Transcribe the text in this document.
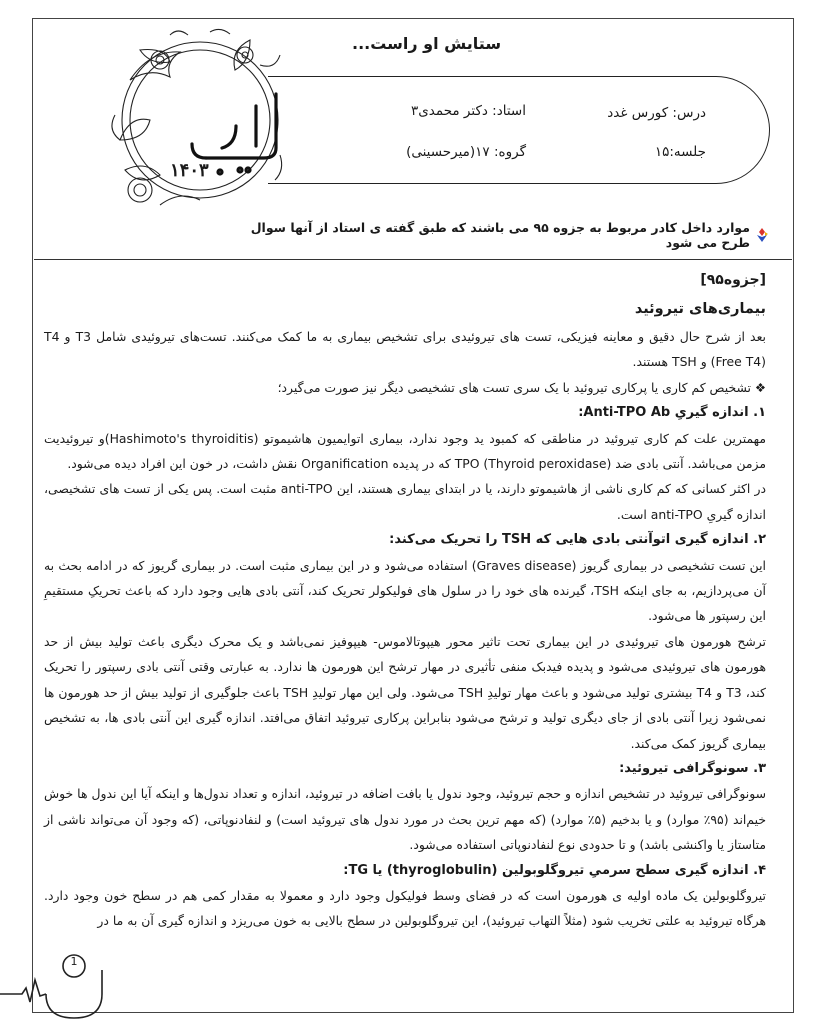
۱۴۰۳
ستایش او راست...
درس: کورس غدد
استاد: دکتر محمدی۳
جلسه:۱۵
گروه: ۱۷(میرحسینی)
موارد داخل کادر مربوط به جزوه ۹۵ می باشند که طبق گفته ی استاد از آنها سوال طرح می شود

[جزوه۹۵]

بیماری‌های تیروئید

بعد از شرح حال دقیق و معاینه فیزیکی، تست های تیروئیدی برای تشخیص بیماری به ما کمک می‌کنند. تست‌های تیروئیدی شامل T3 و T4 (Free T4) و TSH هستند.

❖ تشخیص کم کاری یا پرکاری تیروئید با یک سری تست های تشخیصی دیگر نیز صورت می‌گیرد؛

۱. اندازه گیریِ Anti-TPO Ab:

مهمترین علت کم کاری تیروئید در مناطقی که کمبود ید وجود ندارد، بیماری اتوایمیون هاشیموتو (Hashimoto's thyroiditis)و تیروئیدیت مزمن می‌باشد. آنتی بادی ضد TPO (Thyroid peroxidase) که در پدیده Organification نقش داشت، در خون این افراد دیده می‌شود.

در اکثر کسانی که کم کاری ناشی از هاشیموتو دارند، یا در ابتدای بیماری هستند، این anti-TPO مثبت است. پس یکی از تست های تشخیصی، اندازه گیریِ anti-TPO است.

۲. اندازه گیری اتوآنتی بادی هایی که TSH را تحریک می‌کند:

این تست تشخیصی در بیماری گریوز (Graves disease) استفاده می‌شود و در این بیماری مثبت است. در بیماری گریوز که در ادامه بحث به آن می‌پردازیم، به جای اینکه TSH، گیرنده های خود را در سلول های فولیکولر تحریک کند، آنتی بادی هایی وجود دارد که باعث تحریکِ مستقیمِ این رسپتور ها می‌شود.

ترشح هورمون های تیروئیدی در این بیماری تحت تاثیر محور هیپوتالاموس- هیپوفیز نمی‌باشد و یک محرک دیگری باعث تولید بیش از حد هورمون های تیروئیدی می‌شود و پدیده فیدبک منفی تأثیری در مهار ترشح این هورمون ها ندارد. به عبارتی وقتی آنتی بادی رسپتور را تحریک کند، T3 و T4 بیشتری تولید می‌شود و باعث مهار تولیدِ TSH می‌شود. ولی این مهار تولیدِ TSH باعث جلوگیری از تولید بیش از حد هورمون ها نمی‌شود زیرا آنتی بادی از جای دیگری تولید و ترشح می‌شود بنابراین پرکاری تیروئید اتفاق می‌افتد. اندازه گیری این آنتی بادی ها، به تشخیص بیماری گریوز کمک می‌کند.

۳. سونوگرافی تیروئید:

سونوگرافی تیروئید در تشخیص اندازه و حجم تیروئید، وجود ندول یا بافت اضافه در تیروئید، اندازه و تعداد ندول‌ها و اینکه آیا این ندول ها خوش خیم‌اند (۹۵٪ موارد) و یا بدخیم (۵٪ موارد) (که مهم ترین بحث در مورد ندول های تیروئید است) و لنفادنوپاتی، (که وجود آن می‌تواند ناشی از متاستاز یا واکنشی باشد) و تا حدودی نوع لنفادنوپاتی استفاده می‌شود.

۴. اندازه گیری سطح سرمیِ تیروگلوبولین (thyroglobulin) یا TG:

تیروگلوبولین یک ماده اولیه ی هورمون است که در فضای وسط فولیکول وجود دارد و معمولا به مقدار کمی هم در سطح خون وجود دارد. هرگاه تیروئید به علتی تخریب شود (مثلاً التهاب تیروئید)، این تیروگلوبولین در سطح بالایی به خون می‌ریزد و اندازه گیری آن به ما در

1
